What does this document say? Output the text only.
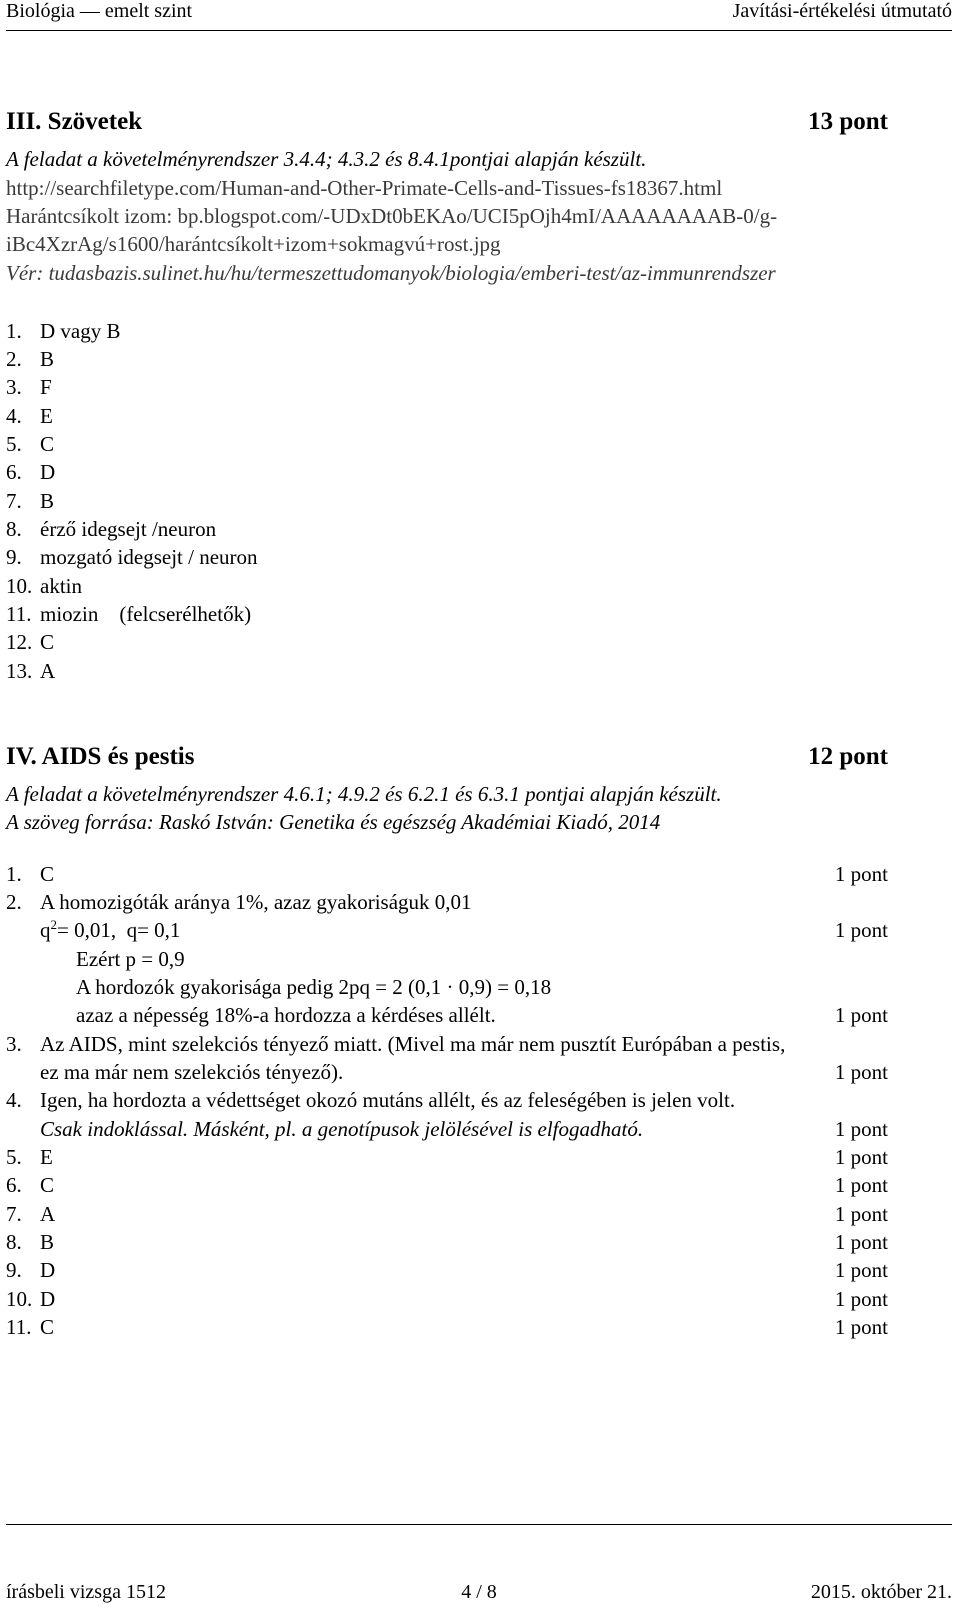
Biológia — emelt szint	Javítási-értékelési útmutató
III. Szövetek	13 pont
A feladat a követelményrendszer 3.4.4; 4.3.2 és 8.4.1pontjai alapján készült.
http://searchfiletype.com/Human-and-Other-Primate-Cells-and-Tissues-fs18367.html
Harántcsíkolt izom: bp.blogspot.com/-UDxDt0bEKAo/UCI5pOjh4mI/AAAAAAAAB-0/g-
iBc4XzrAg/s1600/harántcsíkolt+izom+sokmagvú+rost.jpg
Vér: tudasbazis.sulinet.hu/hu/termeszettudomanyok/biologia/emberi-test/az-immunrendszer
1. D vagy B
2. B
3. F
4. E
5. C
6. D
7. B
8. érző idegsejt /neuron
9. mozgató idegsejt / neuron
10. aktin
11. miozin    (felcserélhetők)
12. C
13. A
IV. AIDS és pestis	12 pont
A feladat a követelményrendszer 4.6.1; 4.9.2 és 6.2.1 és 6.3.1 pontjai alapján készült.
A szöveg forrása: Raskó István: Genetika és egészség Akadémiai Kiadó, 2014
1. C	1 pont
2. A homozigóták aránya 1%, azaz gyakoriságuk 0,01
$q^2= 0,01$,  q= 0,1	1 pont
Ezért p = 0,9
A hordozók gyakorisága pedig 2pq = 2 (0,1 · 0,9) = 0,18
azaz a népesség 18%-a hordozza a kérdéses allélt.	1 pont
3. Az AIDS, mint szelekciós tényező miatt. (Mivel ma már nem pusztít Európában a pestis,
ez ma már nem szelekciós tényező).	1 pont
4. Igen, ha hordozta a védettséget okozó mutáns allélt, és az feleségében is jelen volt.
Csak indoklással. Másként, pl. a genotípusok jelölésével is elfogadható.	1 pont
5. E	1 pont
6. C	1 pont
7. A	1 pont
8. B	1 pont
9. D	1 pont
10. D	1 pont
11. C	1 pont
írásbeli vizsga 1512	4 / 8	2015. október 21.
